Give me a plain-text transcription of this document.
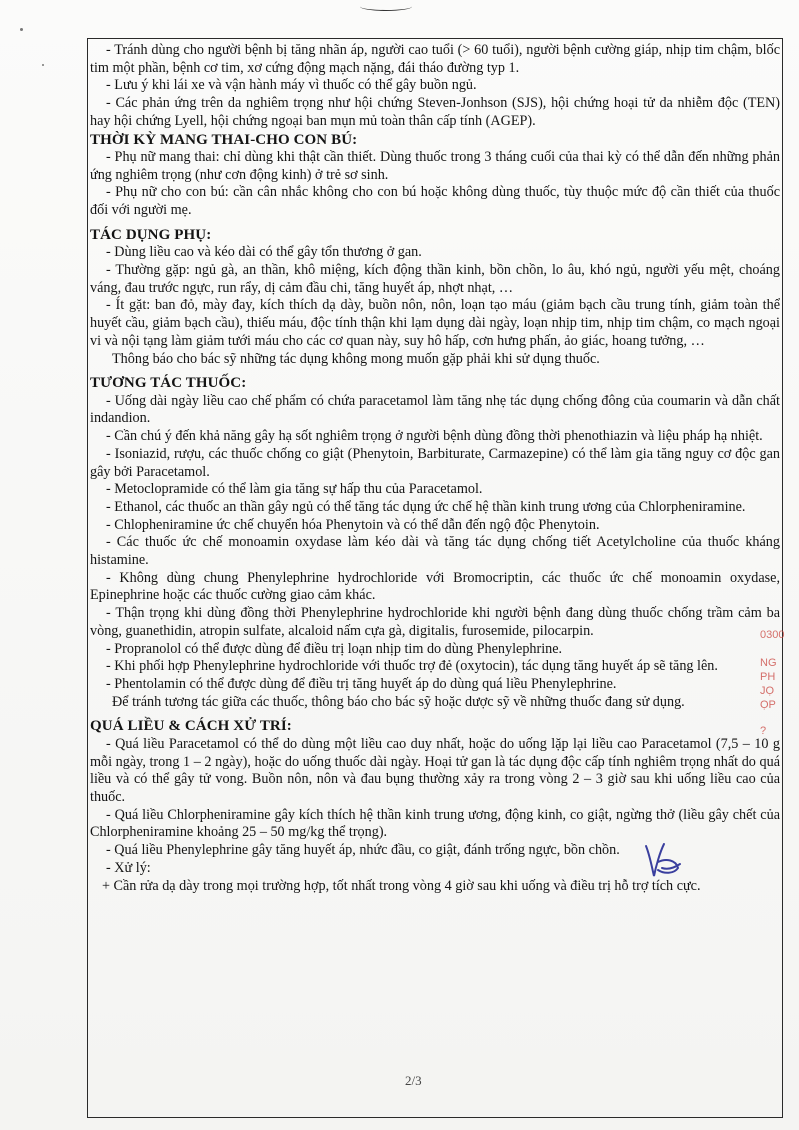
- Tránh dùng cho người bệnh bị tăng nhãn áp, người cao tuổi (> 60 tuổi), người bệnh cường giáp, nhịp tim chậm, blốc tim một phần, bệnh cơ tim, xơ cứng động mạch nặng, đái tháo đường typ 1.

- Lưu ý khi lái xe và vận hành máy vì thuốc có thể gây buồn ngủ.

- Các phản ứng trên da nghiêm trọng như hội chứng Steven-Jonhson (SJS), hội chứng hoại tử da nhiễm độc (TEN) hay hội chứng Lyell, hội chứng ngoại ban mụn mủ toàn thân cấp tính (AGEP).

THỜI KỲ MANG THAI-CHO CON BÚ:

- Phụ nữ mang thai: chỉ dùng khi thật cần thiết. Dùng thuốc trong 3 tháng cuối của thai kỳ có thể dẫn đến những phản ứng nghiêm trọng (như cơn động kinh) ở trẻ sơ sinh.

- Phụ nữ cho con bú: cần cân nhắc không cho con bú hoặc không dùng thuốc, tùy thuộc mức độ cần thiết của thuốc đối với người mẹ.

TÁC DỤNG PHỤ:

- Dùng liều cao và kéo dài có thể gây tổn thương ở gan.

- Thường gặp: ngủ gà, an thần, khô miệng, kích động thần kinh, bồn chồn, lo âu, khó ngủ, người yếu mệt, choáng váng, đau trước ngực, run rẩy, dị cảm đầu chi, tăng huyết áp, nhợt nhạt, …

- Ít gặt: ban đỏ, mày đay, kích thích dạ dày, buồn nôn, nôn, loạn tạo máu (giảm bạch cầu trung tính, giảm toàn thể huyết cầu, giảm bạch cầu), thiếu máu, độc tính thận khi lạm dụng dài ngày, loạn nhịp tim, nhịp tim chậm, co mạch ngoại vi và nội tạng làm giảm tưới máu cho các cơ quan này, suy hô hấp, cơn hưng phấn, ảo giác, hoang tưởng, …

Thông báo cho bác sỹ những tác dụng không mong muốn gặp phải khi sử dụng thuốc.

TƯƠNG TÁC THUỐC:

- Uống dài ngày liều cao chế phẩm có chứa paracetamol làm tăng nhẹ tác dụng chống đông của coumarin và dẫn chất indandion.

- Cần chú ý đến khả năng gây hạ sốt nghiêm trọng ở người bệnh dùng đồng thời phenothiazin và liệu pháp hạ nhiệt.

- Isoniazid, rượu, các thuốc chống co giật (Phenytoin, Barbiturate, Carmazepine) có thể làm gia tăng nguy cơ độc gan gây bởi Paracetamol.

- Metoclopramide có thể làm gia tăng sự hấp thu của Paracetamol.

- Ethanol, các thuốc an thần gây ngủ có thể tăng tác dụng ức chế hệ thần kinh trung ương của Chlorpheniramine.

- Chlopheniramine ức chế chuyển hóa Phenytoin và có thể dẫn đến ngộ độc Phenytoin.

- Các thuốc ức chế monoamin oxydase làm kéo dài và tăng tác dụng chống tiết Acetylcholine của thuốc kháng histamine.

- Không dùng chung Phenylephrine hydrochloride với Bromocriptin, các thuốc ức chế monoamin oxydase, Epinephrine hoặc các thuốc cường giao cảm khác.

- Thận trọng khi dùng đồng thời Phenylephrine hydrochloride khi người bệnh đang dùng thuốc chống trầm cảm ba vòng, guanethidin, atropin sulfate, alcaloid nấm cựa gà, digitalis, furosemide, pilocarpin.

- Propranolol có thể được dùng để điều trị loạn nhịp tim do dùng Phenylephrine.

- Khi phối hợp Phenylephrine hydrochloride với thuốc trợ đẻ (oxytocin), tác dụng tăng huyết áp sẽ tăng lên.

- Phentolamin có thể được dùng để điều trị tăng huyết áp do dùng quá liều Phenylephrine.

Để tránh tương tác giữa các thuốc, thông báo cho bác sỹ hoặc dược sỹ về những thuốc đang sử dụng.

QUÁ LIỀU & CÁCH XỬ TRÍ:

- Quá liều Paracetamol có thể do dùng một liều cao duy nhất, hoặc do uống lặp lại liều cao Paracetamol (7,5 – 10 g mỗi ngày, trong 1 – 2 ngày), hoặc do uống thuốc dài ngày. Hoại tử gan là tác dụng độc cấp tính nghiêm trọng nhất do quá liều và có thể gây tử vong. Buồn nôn, nôn và đau bụng thường xảy ra trong vòng 2 – 3 giờ sau khi uống liều cao của thuốc.

- Quá liều Chlorpheniramine gây kích thích hệ thần kinh trung ương, động kinh, co giật, ngừng thở (liều gây chết của Chlorpheniramine khoảng 25 – 50 mg/kg thể trọng).

- Quá liều Phenylephrine gây tăng huyết áp, nhức đầu, co giật, đánh trống ngực, bồn chồn.

- Xử lý:

+ Cần rửa dạ dày trong mọi trường hợp, tốt nhất trong vòng 4 giờ sau khi uống và điều trị hỗ trợ tích cực.

0300
NG
PH
JỌ
ỌP
?
2/3
